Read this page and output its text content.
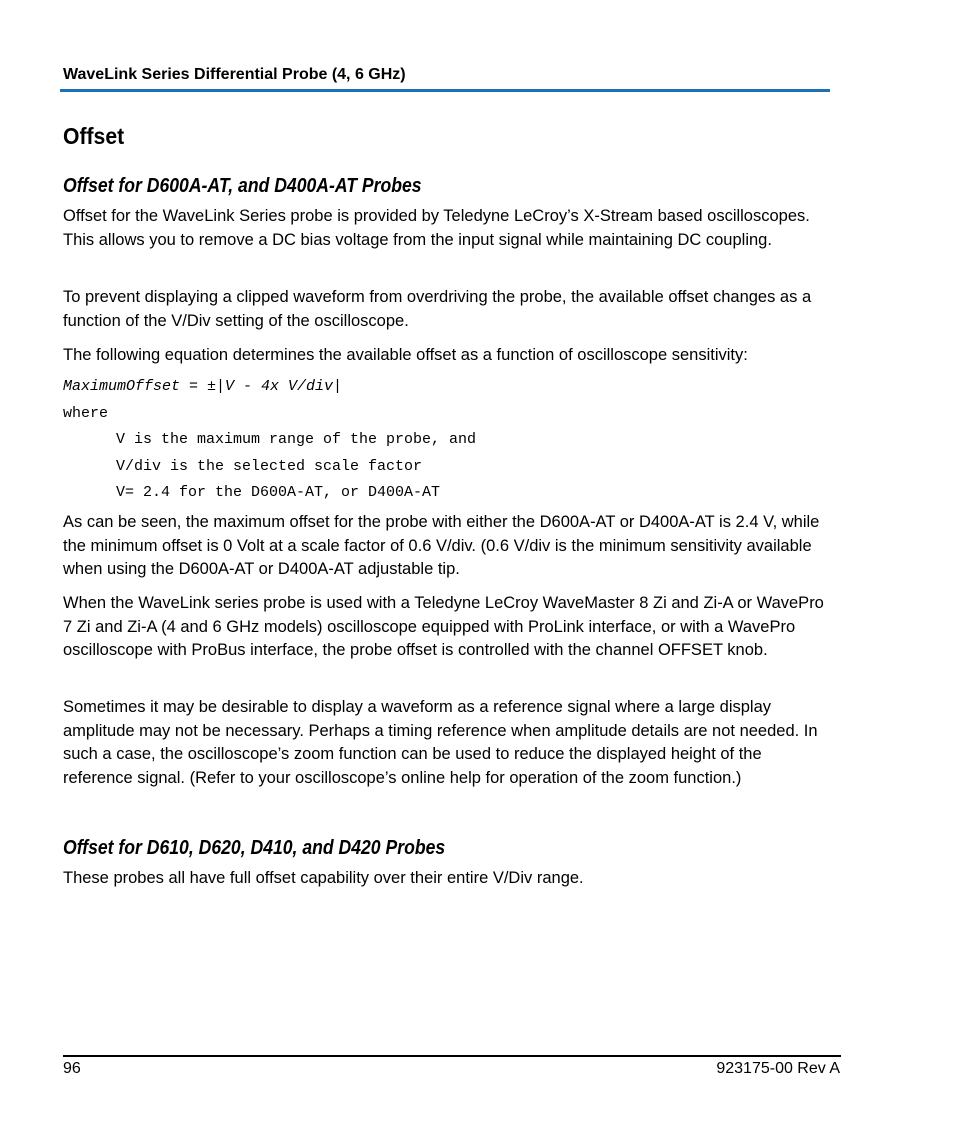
WaveLink Series Differential Probe (4, 6 GHz)
Offset
Offset for D600A-AT, and D400A-AT Probes

Offset for the WaveLink Series probe is provided by Teledyne LeCroy’s X-Stream based oscilloscopes. This allows you to remove a DC bias voltage from the input signal while maintaining DC coupling.

To prevent displaying a clipped waveform from overdriving the probe, the available offset changes as a function of the V/Div setting of the oscilloscope.

The following equation determines the available offset as a function of oscilloscope sensitivity:

MaximumOffset = ±|V - 4x V/div|
where
V is the maximum range of the probe, and
V/div is the selected scale factor
V= 2.4 for the D600A-AT, or D400A-AT

As can be seen, the maximum offset for the probe with either the D600A-AT or D400A-AT is 2.4 V, while the minimum offset is 0 Volt at a scale factor of 0.6 V/div. (0.6 V/div is the minimum sensitivity available when using the D600A-AT or D400A-AT adjustable tip.

When the WaveLink series probe is used with a Teledyne LeCroy WaveMaster 8 Zi and Zi-A or WavePro 7 Zi and Zi-A (4 and 6 GHz models) oscilloscope equipped with ProLink interface, or with a WavePro oscilloscope with ProBus interface, the probe offset is controlled with the channel OFFSET knob.

Sometimes it may be desirable to display a waveform as a reference signal where a large display amplitude may not be necessary. Perhaps a timing reference when amplitude details are not needed. In such a case, the oscilloscope’s zoom function can be used to reduce the displayed height of the reference signal. (Refer to your oscilloscope’s online help for operation of the zoom function.)

Offset for D610, D620, D410, and D420 Probes

These probes all have full offset capability over their entire V/Div range.

96	923175-00 Rev A
